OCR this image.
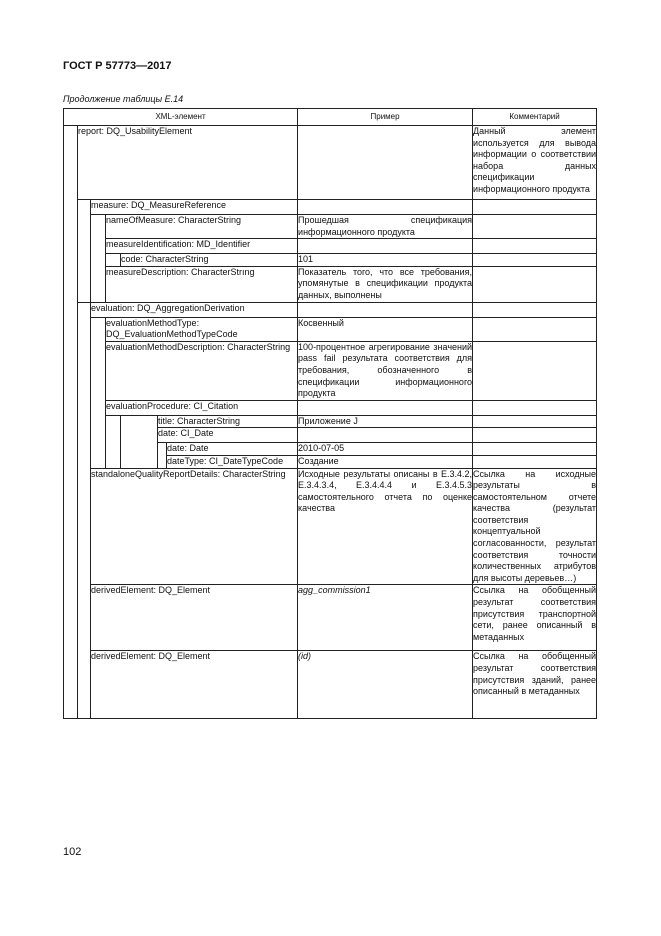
ГОСТ Р 57773—2017
Продолжение таблицы Е.14
XML-элемент							Пример	Комментарий
	report: DQ_UsabilityElement							Данный элемент используется для вывода информации о соответствии набора данных спецификации информационного продукта
		measure: DQ_MeasureReference						
			nameOfMeasure: CharacterString				Прошедшая спецификация информационного продукта	
			measureIdentification: MD_Identifier					
				code: CharacterString			101	
			measureDescription: CharacterStrıng				Показатель того, что все требования, упомянутые в спецификации продукта данных, выполнены	
		evaluation: DQ_AggregationDerivation						
			evaluationMethodType: DQ_EvaluationMethodTypeCode				Косвенный	
			evaluationMethodDescription: CharacterString				100-процентное агрегирование значений pass fail результата соответствия для требования, обозначенного в спецификации информационного продукта	
			evaluationProcedure: CI_Citation					
					title: CharacterString		Приложение J	
					date: CI_Date			
						date: Date	2010-07-05	
						dateType: CI_DateTypeCode	Создание	
		standaloneQualityReportDetails: CharacterString					Исходные результаты описаны в E.3.4.2, E.3.4.3.4, E.3.4.4.4 и E.3.4.5.3 самостоятельного отчета по оценке качества	Ссылка на исходные результаты в самостоятельном отчете качества (результат соответствия концептуальной согласованности, результат соответствия точности количественных атрибутов для высоты деревьев…)
		derivedElement: DQ_Element					agg_commission1	Ссылка на обобщенный результат соответствия присутствия транспортной сети, ранее описанный в метаданных
		derivedElement: DQ_Element					(id)	Ссылка на обобщенный результат соответствия присутствия зданий, ранее описанный в метаданных
102
